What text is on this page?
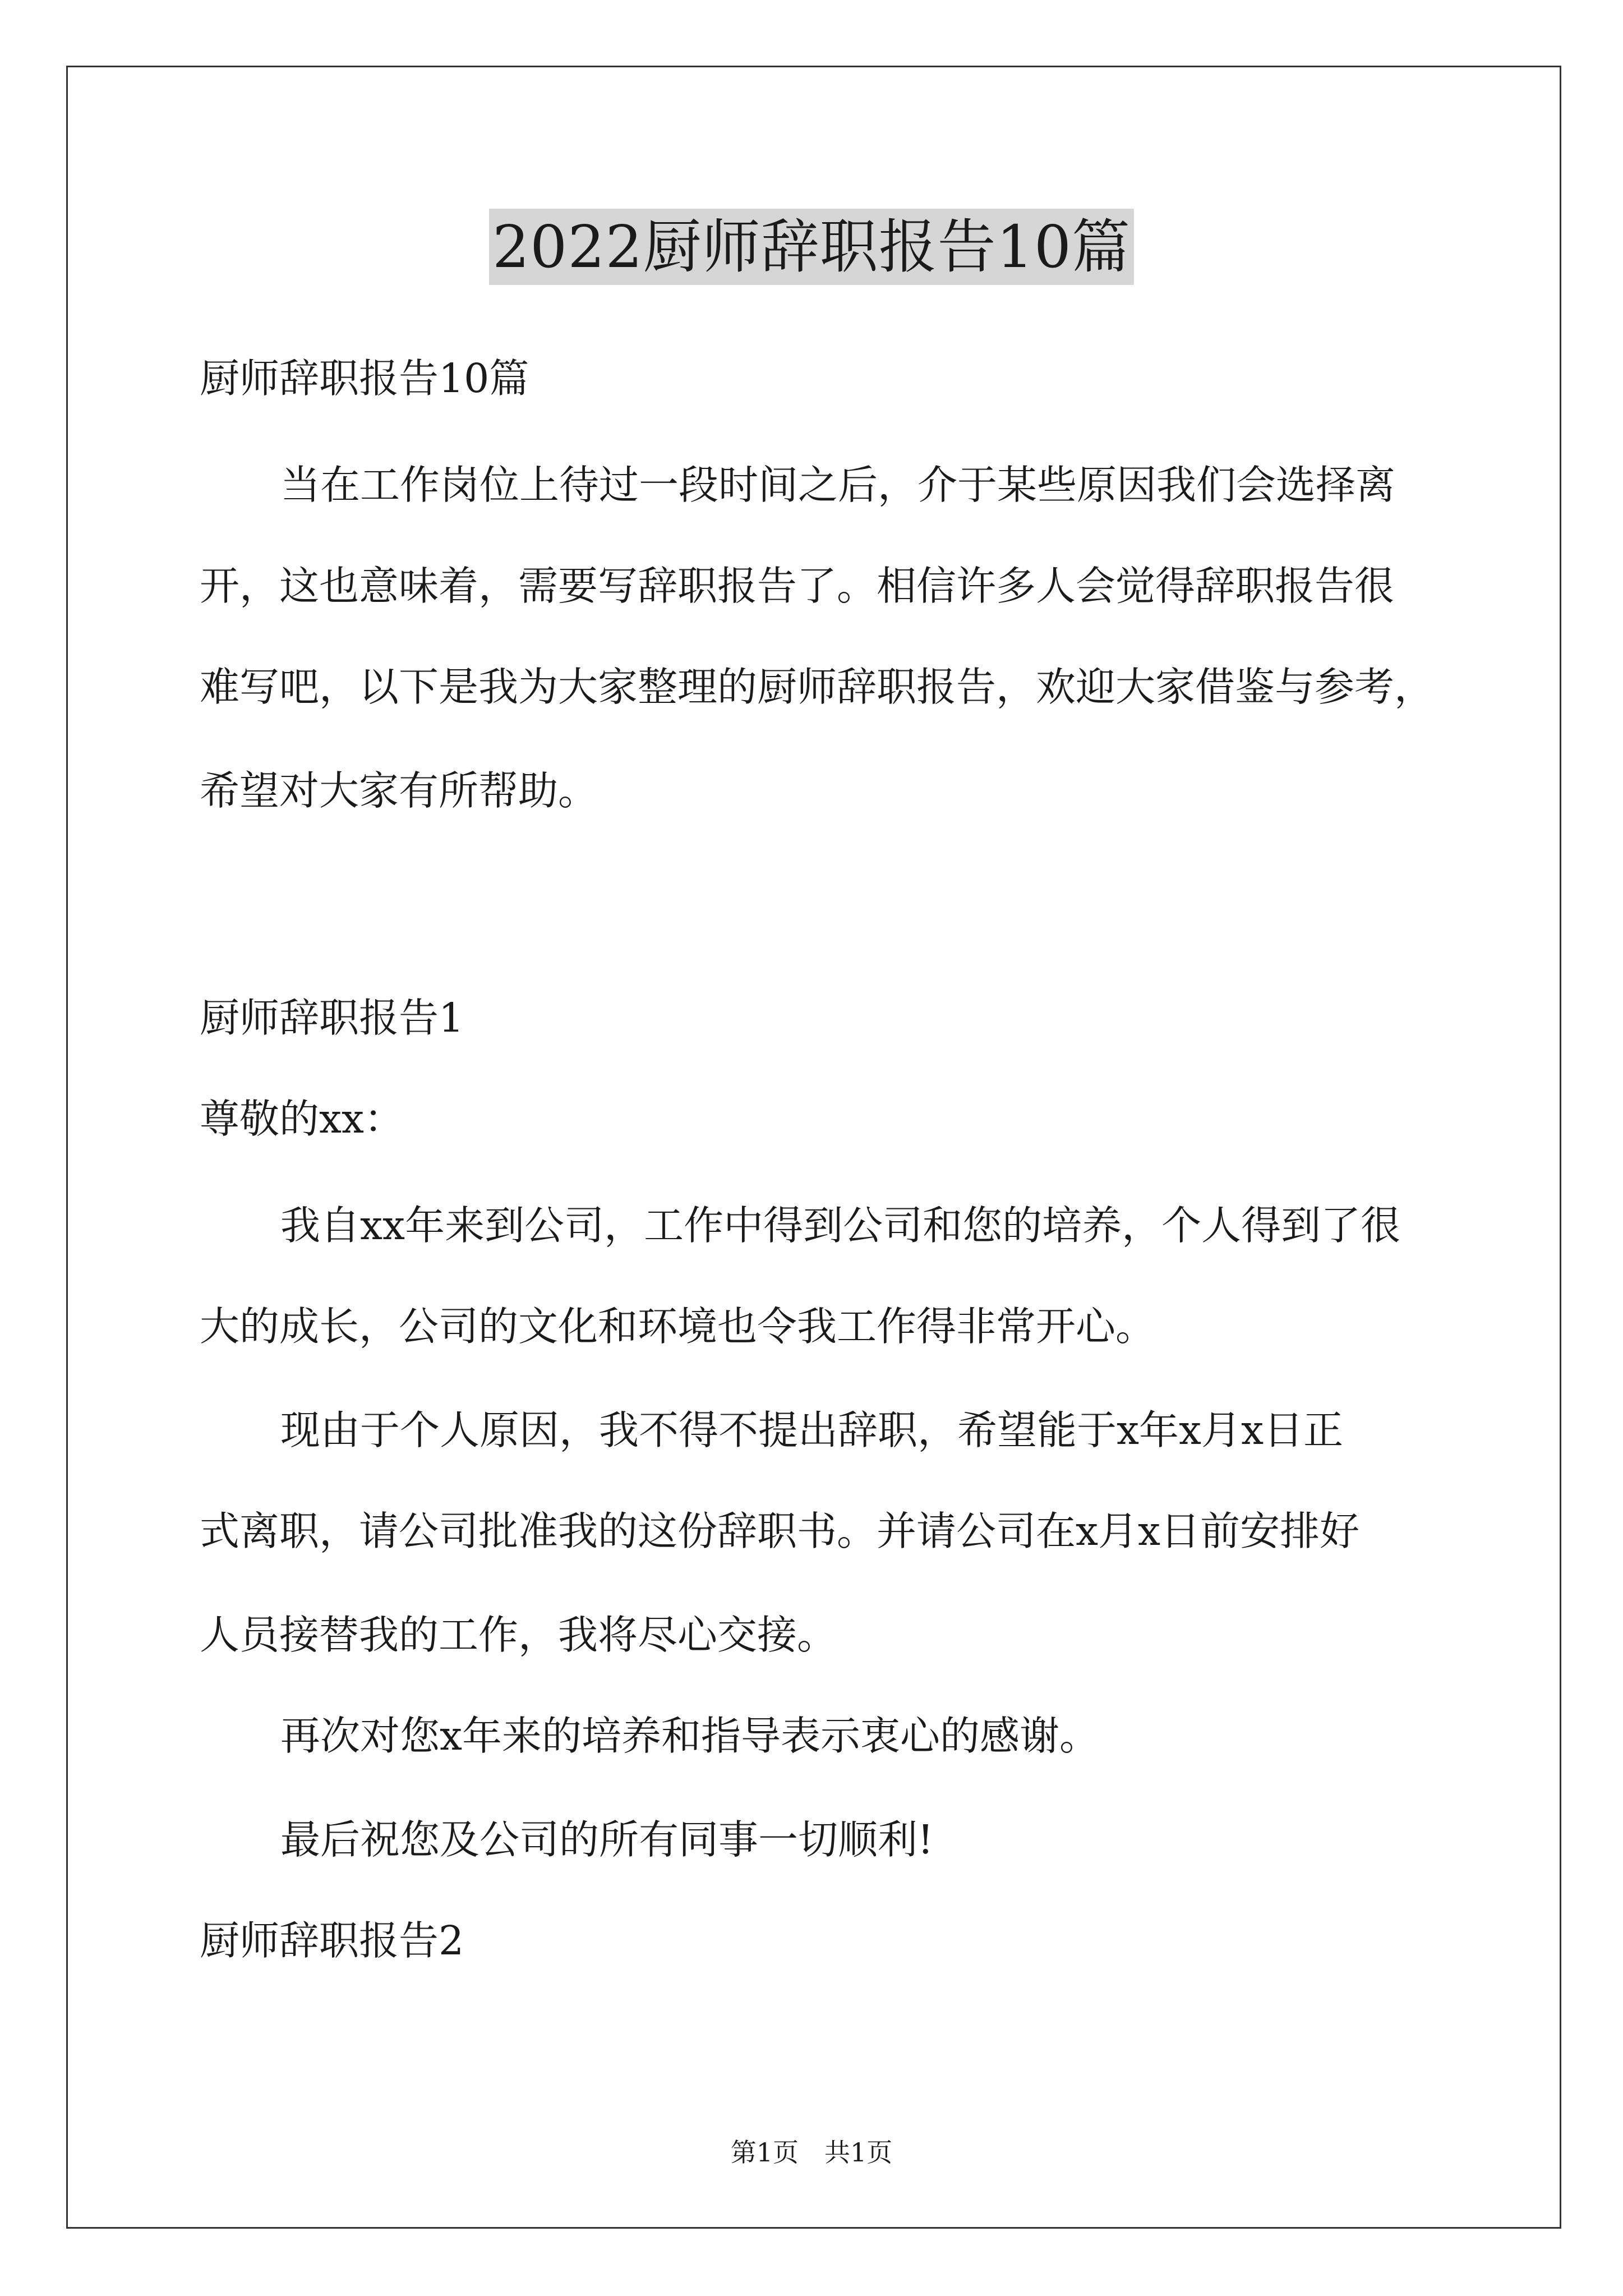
2022厨师辞职报告10篇
厨师辞职报告10篇
当在工作岗位上待过一段时间之后，介于某些原因我们会选择离
开，这也意味着，需要写辞职报告了。相信许多人会觉得辞职报告很
难写吧，以下是我为大家整理的厨师辞职报告，欢迎大家借鉴与参考，
希望对大家有所帮助。
厨师辞职报告1
尊敬的xx：
我自xx年来到公司，工作中得到公司和您的培养，个人得到了很
大的成长，公司的文化和环境也令我工作得非常开心。
现由于个人原因，我不得不提出辞职，希望能于x年x月x日正
式离职，请公司批准我的这份辞职书。并请公司在x月x日前安排好
人员接替我的工作，我将尽心交接。
再次对您x年来的培养和指导表示衷心的感谢。
最后祝您及公司的所有同事一切顺利!
厨师辞职报告2
第1页　共1页
